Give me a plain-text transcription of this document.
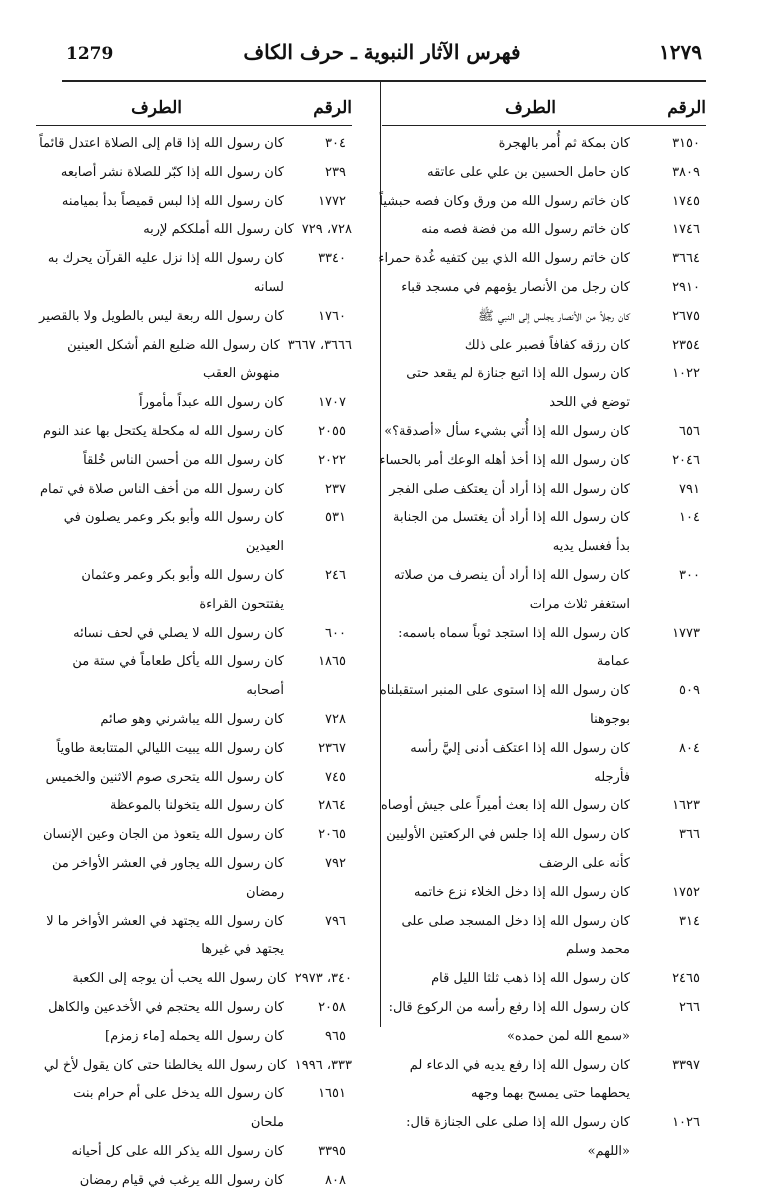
1279	فهرس الآثار النبوية ـ حرف الكاف	١٢٧٩
الرقم
الطرف
٣١٥٠
كان بمكة ثم أُمر بالهجرة
٣٨٠٩
كان حامل الحسين بن علي على عاتقه
١٧٤٥
كان خاتم رسول الله من ورق وكان فصه حبشياً
١٧٤٦
كان خاتم رسول الله من فضة فصه منه
٣٦٦٤
كان خاتم رسول الله الذي بين كتفيه غُدة حمراء
٢٩١٠
كان رجل من الأنصار يؤمهم في مسجد قباء
٢٦٧٥
كان رجلاً من الأنصار يجلس إلى النبي ﷺ
٢٣٥٤
كان رزقه كفافاً فصبر على ذلك
١٠٢٢
كان رسول الله إذا اتبع جنازة لم يقعد حتى توضع في اللحد
٦٥٦
كان رسول الله إذا أُتي بشيء سأل «أصدقة؟»
٢٠٤٦
كان رسول الله إذا أخذ أهله الوعك أمر بالحساء
٧٩١
كان رسول الله إذا أراد أن يعتكف صلى الفجر
١٠٤
كان رسول الله إذا أراد أن يغتسل من الجنابة بدأ فغسل يديه
٣٠٠
كان رسول الله إذا أراد أن ينصرف من صلاته استغفر ثلاث مرات
١٧٧٣
كان رسول الله إذا استجد ثوباً سماه باسمه: عمامة
٥٠٩
كان رسول الله إذا استوى على المنبر استقبلناه بوجوهنا
٨٠٤
كان رسول الله إذا اعتكف أدنى إليَّ رأسه فأرجله
١٦٢٣
كان رسول الله إذا بعث أميراً على جيش أوصاه
٣٦٦
كان رسول الله إذا جلس في الركعتين الأوليين كأنه على الرضف
١٧٥٢
كان رسول الله إذا دخل الخلاء نزع خاتمه
٣١٤
كان رسول الله إذا دخل المسجد صلى على محمد وسلم
٢٤٦٥
كان رسول الله إذا ذهب ثلثا الليل قام
٢٦٦
كان رسول الله إذا رفع رأسه من الركوع قال: «سمع الله لمن حمده»
٣٣٩٧
كان رسول الله إذا رفع يديه في الدعاء لم يحطهما حتى يمسح بهما وجهه
١٠٢٦
كان رسول الله إذا صلى على الجنازة قال: «اللهم»
الرقم
الطرف
٣٠٤
كان رسول الله إذا قام إلى الصلاة اعتدل قائماً
٢٣٩
كان رسول الله إذا كبّر للصلاة نشر أصابعه
١٧٧٢
كان رسول الله إذا لبس قميصاً بدأ بميامنه
٧٢٨، ٧٢٩
كان رسول الله أملككم لإربه
٣٣٤٠
كان رسول الله إذا نزل عليه القرآن يحرك به لسانه
١٧٦٠
كان رسول الله ربعة ليس بالطويل ولا بالقصير
٣٦٦٦، ٣٦٦٧
كان رسول الله ضليع الفم أشكل العينين منهوش العقب
١٧٠٧
كان رسول الله عبداً مأموراً
٢٠٥٥
كان رسول الله له مكحلة يكتحل بها عند النوم
٢٠٢٢
كان رسول الله من أحسن الناس خُلقاً
٢٣٧
كان رسول الله من أخف الناس صلاة في تمام
٥٣١
كان رسول الله وأبو بكر وعمر يصلون في العيدين
٢٤٦
كان رسول الله وأبو بكر وعمر وعثمان يفتتحون القراءة
٦٠٠
كان رسول الله لا يصلي في لحف نسائه
١٨٦٥
كان رسول الله يأكل طعاماً في ستة من أصحابه
٧٢٨
كان رسول الله يباشرني وهو صائم
٢٣٦٧
كان رسول الله يبيت الليالي المتتابعة طاوياً
٧٤٥
كان رسول الله يتحرى صوم الاثنين والخميس
٢٨٦٤
كان رسول الله يتخولنا بالموعظة
٢٠٦٥
كان رسول الله يتعوذ من الجان وعين الإنسان
٧٩٢
كان رسول الله يجاور في العشر الأواخر من رمضان
٧٩٦
كان رسول الله يجتهد في العشر الأواخر ما لا يجتهد في غيرها
٣٤٠، ٢٩٧٣
كان رسول الله يحب أن يوجه إلى الكعبة
٢٠٥٨
كان رسول الله يحتجم في الأخدعين والكاهل
٩٦٥
كان رسول الله يحمله [ماء زمزم]
٣٣٣، ١٩٩٦
كان رسول الله يخالطنا حتى كان يقول لأخ لي
١٦٥١
كان رسول الله يدخل على أم حرام بنت ملحان
٣٣٩٥
كان رسول الله يذكر الله على كل أحيانه
٨٠٨
كان رسول الله يرغب في قيام رمضان
